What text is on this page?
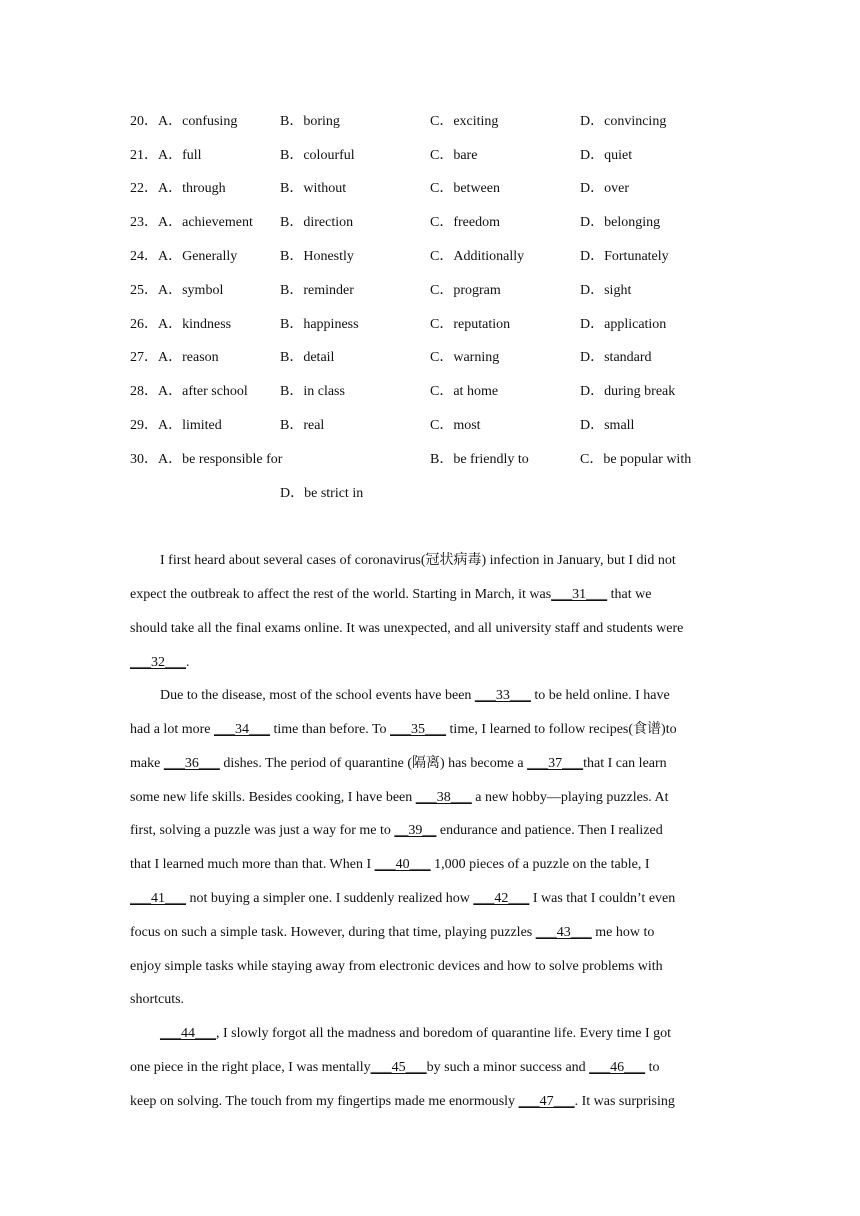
20． A．confusing	B．boring	C．exciting	D．convincing
21． A．full	B．colourful	C．bare	D．quiet
22． A．through	B．without	C．between	D．over
23． A．achievement B．direction	C．freedom	D．belonging
24． A．Generally	B．Honestly	C．Additionally	D．Fortunately
25． A．symbol	B．reminder	C．program	D．sight
26． A．kindness	B．happiness	C．reputation	D．application
27． A．reason	B．detail	C．warning	D．standard
28． A．after school B．in class	C．at home	D．during break
29． A．limited	B．real	C．most	D．small
30． A．be responsible for	B．be friendly to	C．be popular with
D．be strict in
I first heard about several cases of coronavirus(冠状病毒) infection in January, but I did not
expect the outbreak to affect the rest of the world. Starting in March, it was___31___ that we
should take all the final exams online. It was unexpected, and all university staff and students were
___32___.
Due to the disease, most of the school events have been ___33___ to be held online. I have
had a lot more ___34___ time than before. To ___35___ time, I learned to follow recipes(食谱)to
make ___36___ dishes. The period of quarantine (隔离) has become a ___37___that I can learn
some new life skills. Besides cooking, I have been ___38___ a new hobby—playing puzzles. At
first, solving a puzzle was just a way for me to __39__ endurance and patience. Then I realized
that I learned much more than that. When I ___40___ 1,000 pieces of a puzzle on the table, I
___41___ not buying a simpler one. I suddenly realized how ___42___ I was that I couldn’t even
focus on such a simple task. However, during that time, playing puzzles ___43___ me how to
enjoy simple tasks while staying away from electronic devices and how to solve problems with
shortcuts.
___44___, I slowly forgot all the madness and boredom of quarantine life. Every time I got
one piece in the right place, I was mentally___45___by such a minor success and ___46___ to
keep on solving. The touch from my fingertips made me enormously ___47___. It was surprising
